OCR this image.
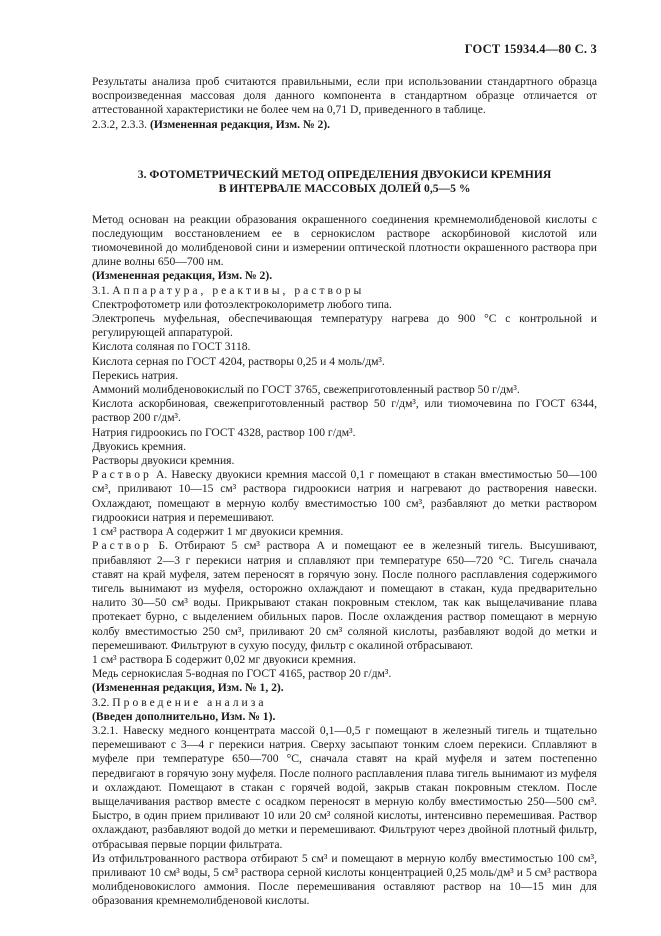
ГОСТ 15934.4—80 С. 3

Результаты анализа проб считаются правильными, если при использовании стандартного образца воспроизведенная массовая доля данного компонента в стандартном образце отличается от аттестованной характеристики не более чем на 0,71 D, приведенного в таблице.

2.3.2, 2.3.3. (Измененная редакция, Изм. № 2).

3. ФОТОМЕТРИЧЕСКИЙ МЕТОД ОПРЕДЕЛЕНИЯ ДВУОКИСИ КРЕМНИЯ
В ИНТЕРВАЛЕ МАССОВЫХ ДОЛЕЙ 0,5—5 %

Метод основан на реакции образования окрашенного соединения кремнемолибденовой кислоты с последующим восстановлением ее в сернокислом растворе аскорбиновой кислотой или тиомочевиной до молибденовой сини и измерении оптической плотности окрашенного раствора при длине волны 650—700 нм.

(Измененная редакция, Изм. № 2).

3.1. Аппаратура, реактивы, растворы

Спектрофотометр или фотоэлектроколориметр любого типа.

Электропечь муфельная, обеспечивающая температуру нагрева до 900 °С с контрольной и регулирующей аппаратурой.

Кислота соляная по ГОСТ 3118.

Кислота серная по ГОСТ 4204, растворы 0,25 и 4 моль/дм³.

Перекись натрия.

Аммоний молибденовокислый по ГОСТ 3765, свежеприготовленный раствор 50 г/дм³.

Кислота аскорбиновая, свежеприготовленный раствор 50 г/дм³, или тиомочевина по ГОСТ 6344, раствор 200 г/дм³.

Натрия гидроокись по ГОСТ 4328, раствор 100 г/дм³.

Двуокись кремния.

Растворы двуокиси кремния.

Раствор А. Навеску двуокиси кремния массой 0,1 г помещают в стакан вместимостью 50—100 см³, приливают 10—15 см³ раствора гидроокиси натрия и нагревают до растворения навески. Охлаждают, помещают в мерную колбу вместимостью 100 см³, разбавляют до метки раствором гидроокиси натрия и перемешивают.

1 см³ раствора А содержит 1 мг двуокиси кремния.

Раствор Б. Отбирают 5 см³ раствора А и помещают ее в железный тигель. Высушивают, прибавляют 2—3 г перекиси натрия и сплавляют при температуре 650—720 °С. Тигель сначала ставят на край муфеля, затем переносят в горячую зону. После полного расплавления содержимого тигель вынимают из муфеля, осторожно охлаждают и помещают в стакан, куда предварительно налито 30—50 см³ воды. Прикрывают стакан покровным стеклом, так как выщелачивание плава протекает бурно, с выделением обильных паров. После охлаждения раствор помещают в мерную колбу вместимостью 250 см³, приливают 20 см³ соляной кислоты, разбавляют водой до метки и перемешивают. Фильтруют в сухую посуду, фильтр с окалиной отбрасывают.

1 см³ раствора Б содержит 0,02 мг двуокиси кремния.

Медь сернокислая 5-водная по ГОСТ 4165, раствор 20 г/дм³.

(Измененная редакция, Изм. № 1, 2).

3.2. Проведение анализа

(Введен дополнительно, Изм. № 1).

3.2.1. Навеску медного концентрата массой 0,1—0,5 г помещают в железный тигель и тщательно перемешивают с 3—4 г перекиси натрия. Сверху засыпают тонким слоем перекиси. Сплавляют в муфеле при температуре 650—700 °С, сначала ставят на край муфеля и затем постепенно передвигают в горячую зону муфеля. После полного расплавления плава тигель вынимают из муфеля и охлаждают. Помещают в стакан с горячей водой, закрыв стакан покровным стеклом. После выщелачивания раствор вместе с осадком переносят в мерную колбу вместимостью 250—500 см³. Быстро, в один прием приливают 10 или 20 см³ соляной кислоты, интенсивно перемешивая. Раствор охлаждают, разбавляют водой до метки и перемешивают. Фильтруют через двойной плотный фильтр, отбрасывая первые порции фильтрата.

Из отфильтрованного раствора отбирают 5 см³ и помещают в мерную колбу вместимостью 100 см³, приливают 10 см³ воды, 5 см³ раствора серной кислоты концентрацией 0,25 моль/дм³ и 5 см³ раствора молибденовокислого аммония. После перемешивания оставляют раствор на 10—15 мин для образования кремнемолибденовой кислоты.
